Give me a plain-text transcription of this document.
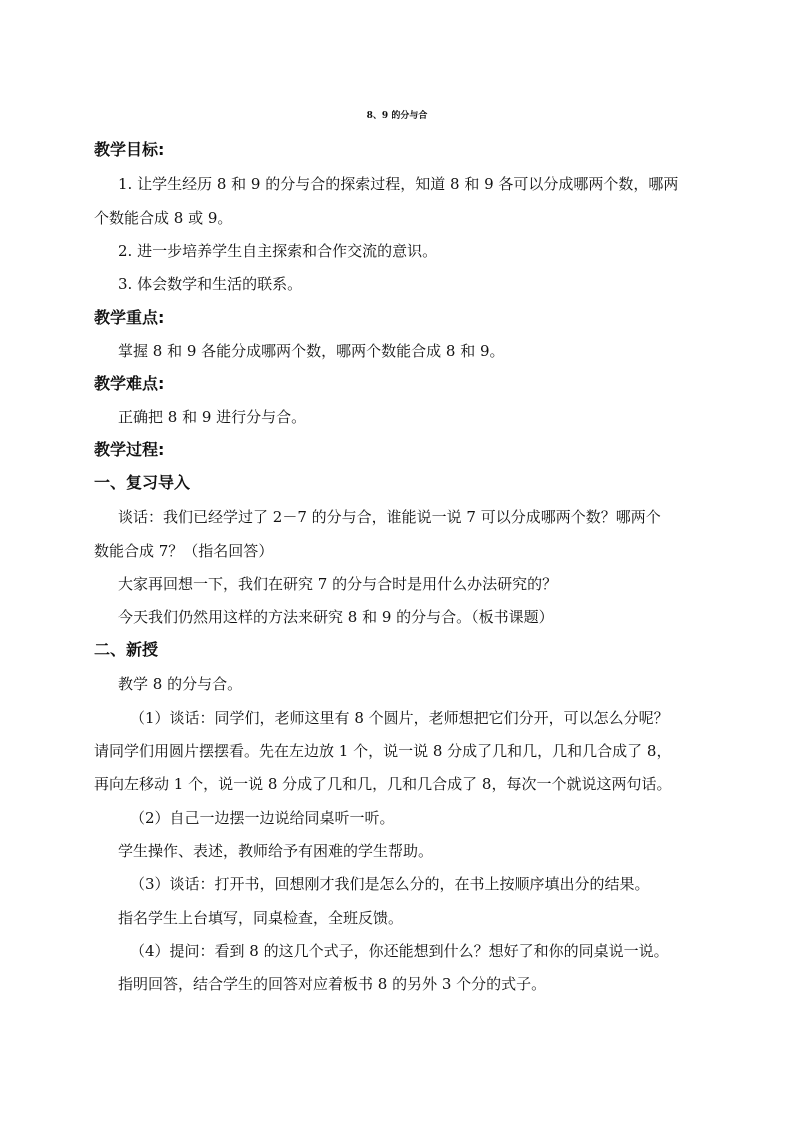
8、9 的分与合
教学目标:
1. 让学生经历 8 和 9 的分与合的探索过程，知道 8 和 9 各可以分成哪两个数，哪两
个数能合成 8 或 9。
2. 进一步培养学生自主探索和合作交流的意识。
3. 体会数学和生活的联系。
教学重点:
掌握 8 和 9 各能分成哪两个数，哪两个数能合成 8 和 9。
教学难点:
正确把 8 和 9 进行分与合。
教学过程:
一、复习导入
谈话：我们已经学过了 2－7 的分与合，谁能说一说 7 可以分成哪两个数？哪两个
数能合成 7？（指名回答）
大家再回想一下，我们在研究 7 的分与合时是用什么办法研究的？
今天我们仍然用这样的方法来研究 8 和 9 的分与合。（板书课题）
二、新授
教学 8 的分与合。
（1）谈话：同学们，老师这里有 8 个圆片，老师想把它们分开，可以怎么分呢？
请同学们用圆片摆摆看。先在左边放 1 个，说一说 8 分成了几和几，几和几合成了 8，
再向左移动 1 个，说一说 8 分成了几和几，几和几合成了 8，每次一个就说这两句话。
（2）自己一边摆一边说给同桌听一听。
学生操作、表述，教师给予有困难的学生帮助。
（3）谈话：打开书，回想刚才我们是怎么分的，在书上按顺序填出分的结果。
指名学生上台填写，同桌检查，全班反馈。
（4）提问：看到 8 的这几个式子，你还能想到什么？想好了和你的同桌说一说。
指明回答，结合学生的回答对应着板书 8 的另外 3 个分的式子。
